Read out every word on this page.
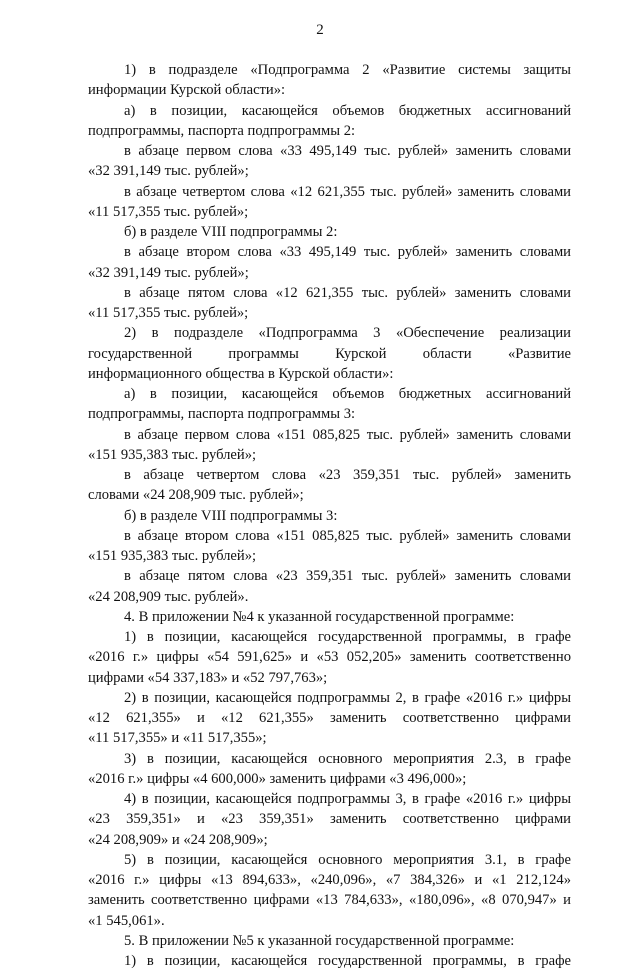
2
1) в подразделе «Подпрограмма 2 «Развитие системы защиты
информации Курской области»:
а) в позиции, касающейся объемов бюджетных ассигнований
подпрограммы, паспорта подпрограммы 2:
в абзаце первом слова «33 495,149 тыс. рублей» заменить словами
«32 391,149 тыс. рублей»;
в абзаце четвертом слова «12 621,355 тыс. рублей» заменить словами
«11 517,355 тыс. рублей»;
б) в разделе VIII подпрограммы 2:
в абзаце втором слова «33 495,149 тыс. рублей» заменить словами
«32 391,149 тыс. рублей»;
в абзаце пятом слова «12 621,355 тыс. рублей» заменить словами
«11 517,355 тыс. рублей»;
2) в подразделе «Подпрограмма 3 «Обеспечение реализации
государственной программы Курской области «Развитие
информационного общества в Курской области»:
а) в позиции, касающейся объемов бюджетных ассигнований
подпрограммы, паспорта подпрограммы 3:
в абзаце первом слова «151 085,825 тыс. рублей» заменить словами
«151 935,383 тыс. рублей»;
в абзаце четвертом слова «23 359,351 тыс. рублей» заменить
словами «24 208,909 тыс. рублей»;
б) в разделе VIII подпрограммы 3:
в абзаце втором слова «151 085,825 тыс. рублей» заменить словами
«151 935,383 тыс. рублей»;
в абзаце пятом слова «23 359,351 тыс. рублей» заменить словами
«24 208,909 тыс. рублей».
4. В приложении №4 к указанной государственной программе:
1) в позиции, касающейся государственной программы, в графе
«2016 г.» цифры «54 591,625» и «53 052,205» заменить соответственно
цифрами «54 337,183» и «52 797,763»;
2) в позиции, касающейся подпрограммы 2, в графе «2016 г.» цифры
«12 621,355» и «12 621,355» заменить соответственно цифрами
«11 517,355» и «11 517,355»;
3) в позиции, касающейся основного мероприятия 2.3, в графе
«2016 г.» цифры «4 600,000» заменить цифрами «3 496,000»;
4) в позиции, касающейся подпрограммы 3, в графе «2016 г.» цифры
«23 359,351» и «23 359,351» заменить соответственно цифрами
«24 208,909» и «24 208,909»;
5) в позиции, касающейся основного мероприятия 3.1, в графе
«2016 г.» цифры «13 894,633», «240,096», «7 384,326» и «1 212,124»
заменить соответственно цифрами «13 784,633», «180,096», «8 070,947» и
«1 545,061».
5. В приложении №5 к указанной государственной программе:
1) в позиции, касающейся государственной программы, в графе
